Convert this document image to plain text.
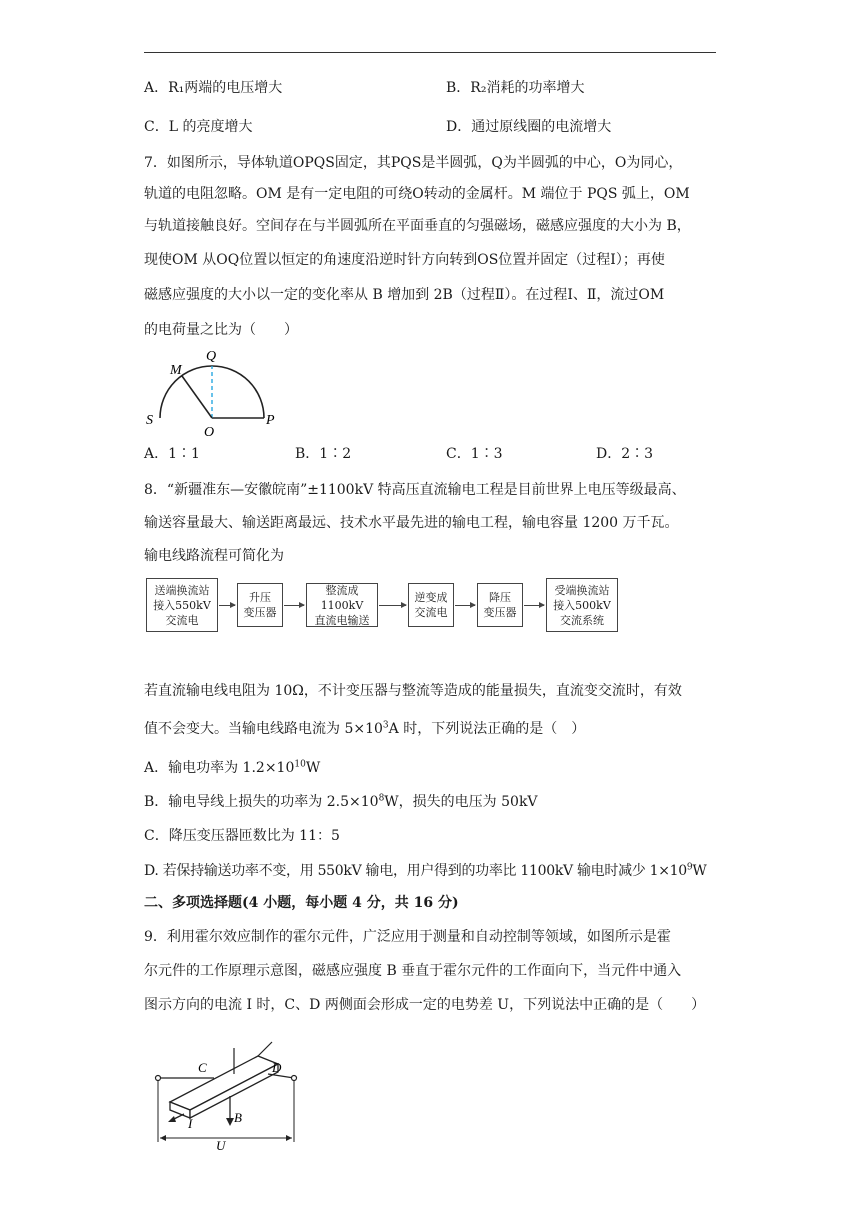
A．R₁两端的电压增大	B．R₂消耗的功率增大
C．L 的亮度增大	D．通过原线圈的电流增大
7．如图所示，导体轨道OPQS固定，其PQS是半圆弧，Q为半圆弧的中心，O为同心，
轨道的电阻忽略。OM 是有一定电阻的可绕O转动的金属杆。M 端位于 PQS 弧上，OM
与轨道接触良好。空间存在与半圆弧所在平面垂直的匀强磁场，磁感应强度的大小为 B，
现使OM 从OQ位置以恒定的角速度沿逆时针方向转到OS位置并固定（过程Ⅰ）；再使
磁感应强度的大小以一定的变化率从 B 增加到 2B（过程Ⅱ）。在过程Ⅰ、Ⅱ，流过OM
的电荷量之比为（　　）
M
Q
S
O
P
A．1∶1	B．1∶2	C．1∶3	D．2∶3
8．“新疆准东—安徽皖南”±1100kV 特高压直流输电工程是目前世界上电压等级最高、
输送容量最大、输送距离最远、技术水平最先进的输电工程，输电容量 1200 万千瓦。
输电线路流程可简化为
送端换流站
接入550kV
交流电
升压
变压器
整流成1100kV
直流电输送
逆变成
交流电
降压
变压器
受端换流站
接入500kV
交流系统
若直流输电线电阻为 10Ω，不计变压器与整流等造成的能量损失，直流变交流时，有效
值不会变大。当输电线路电流为 $5\times 10^3A$ 时，下列说法正确的是（　）
A．输电功率为 $1.2\times 10^{10}W$
B．输电导线上损失的功率为 $2.5\times 10^8W$，损失的电压为 50kV
C．降压变压器匝数比为 11：5
D. 若保持输送功率不变，用 550kV 输电，用户得到的功率比 1100kV 输电时减少 $1\times 10^9W$
二、多项选择题(4 小题，每小题 4 分，共 16 分)
9．利用霍尔效应制作的霍尔元件，广泛应用于测量和自动控制等领域，如图所示是霍
尔元件的工作原理示意图，磁感应强度 B 垂直于霍尔元件的工作面向下，当元件中通入
图示方向的电流 I 时，C、D 两侧面会形成一定的电势差 U，下列说法中正确的是（　　）
C	D
I	B
U
